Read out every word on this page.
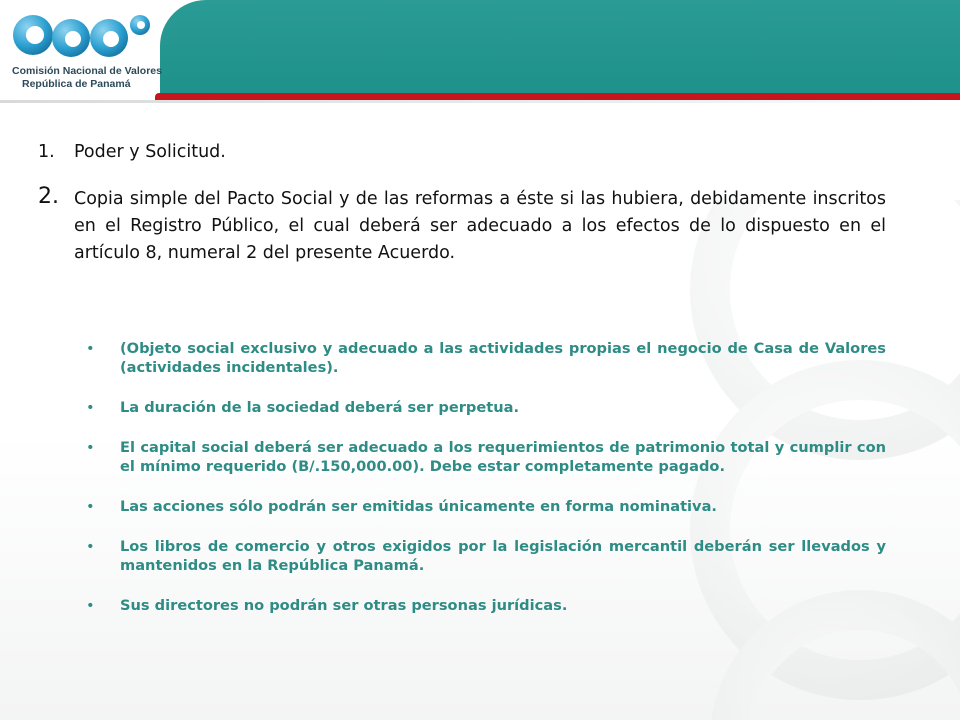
Comisión Nacional de Valores
República de Panamá
1. Poder y Solicitud.
2. Copia simple del Pacto Social y de las reformas a éste si las hubiera, debidamente inscritos en el Registro Público, el cual deberá ser adecuado a los efectos de lo dispuesto en el artículo 8, numeral 2 del presente Acuerdo.
• (Objeto social exclusivo y adecuado a las actividades propias el negocio de Casa de Valores (actividades incidentales).
• La duración de la sociedad deberá ser perpetua.
• El capital social deberá ser adecuado a los requerimientos de patrimonio total y cumplir con el mínimo requerido (B/.150,000.00). Debe estar completamente pagado.
• Las acciones sólo podrán ser emitidas únicamente en forma nominativa.
• Los libros de comercio y otros exigidos por la legislación mercantil deberán ser llevados y mantenidos en la República Panamá.
• Sus directores no podrán ser otras personas jurídicas.
